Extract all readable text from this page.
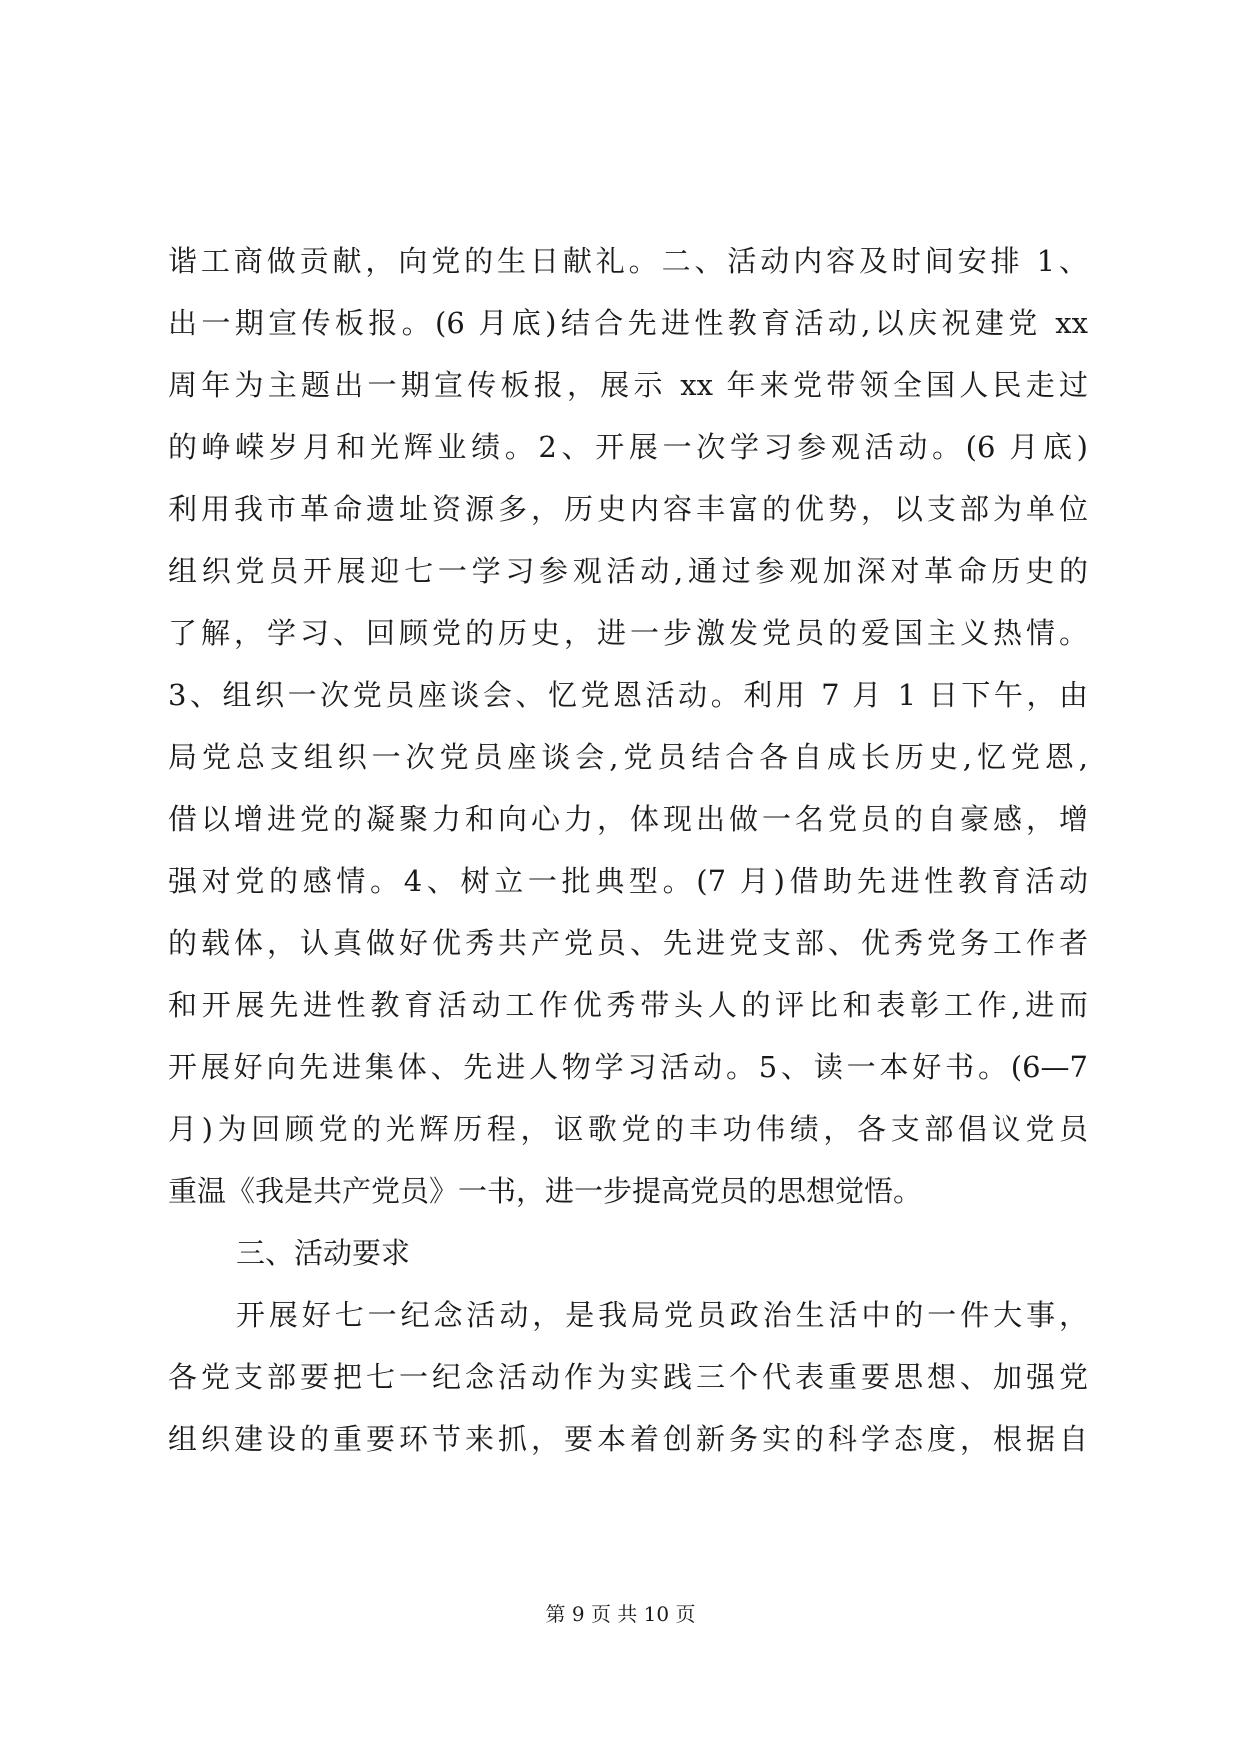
谐工商做贡献，向党的生日献礼。二、活动内容及时间安排 1、
出一期宣传板报。(6 月底)结合先进性教育活动,以庆祝建党 xx
周年为主题出一期宣传板报，展示 xx 年来党带领全国人民走过
的峥嵘岁月和光辉业绩。2、开展一次学习参观活动。(6 月底)
利用我市革命遗址资源多，历史内容丰富的优势，以支部为单位
组织党员开展迎七一学习参观活动,通过参观加深对革命历史的
了解，学习、回顾党的历史，进一步激发党员的爱国主义热情。
3、组织一次党员座谈会、忆党恩活动。利用 7 月 1 日下午，由
局党总支组织一次党员座谈会,党员结合各自成长历史,忆党恩,
借以增进党的凝聚力和向心力，体现出做一名党员的自豪感，增
强对党的感情。4、树立一批典型。(7 月)借助先进性教育活动
的载体，认真做好优秀共产党员、先进党支部、优秀党务工作者
和开展先进性教育活动工作优秀带头人的评比和表彰工作,进而
开展好向先进集体、先进人物学习活动。5、读一本好书。(6—7
月)为回顾党的光辉历程，讴歌党的丰功伟绩，各支部倡议党员
重温《我是共产党员》一书，进一步提高党员的思想觉悟。
三、活动要求
开展好七一纪念活动，是我局党员政治生活中的一件大事，
各党支部要把七一纪念活动作为实践三个代表重要思想、加强党
组织建设的重要环节来抓，要本着创新务实的科学态度，根据自
第 9 页 共 10 页
